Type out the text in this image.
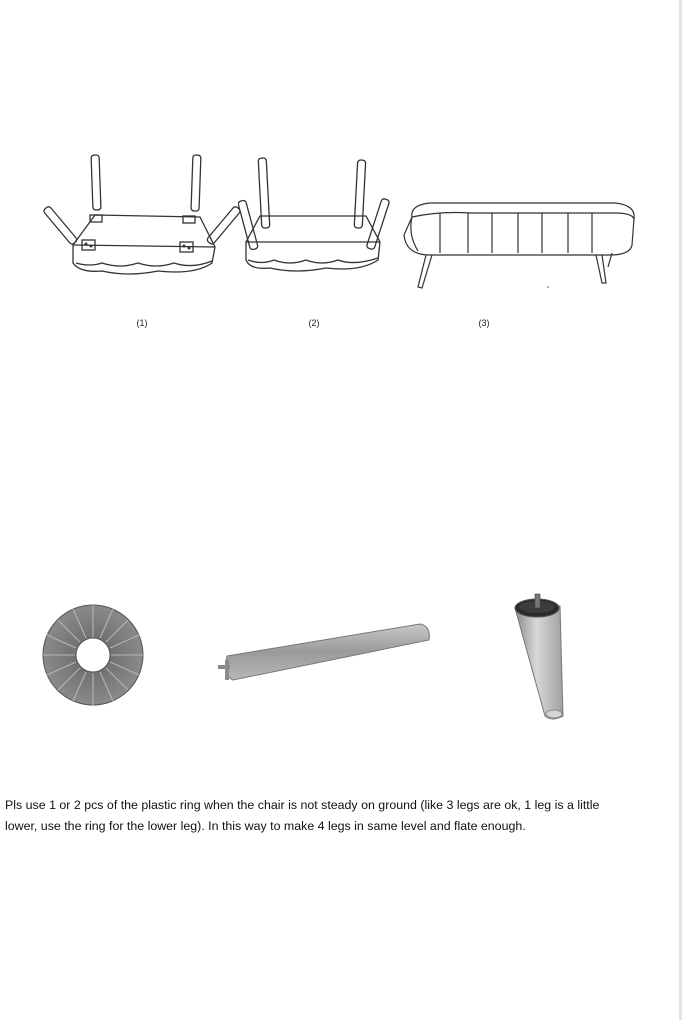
(1)	(2)	(3)
Pls use 1 or 2 pcs of the plastic ring when the chair is not steady on ground (like 3 legs are ok, 1 leg is a little lower, use the ring for the lower leg). In this way to make 4 legs in same level and flate enough.
